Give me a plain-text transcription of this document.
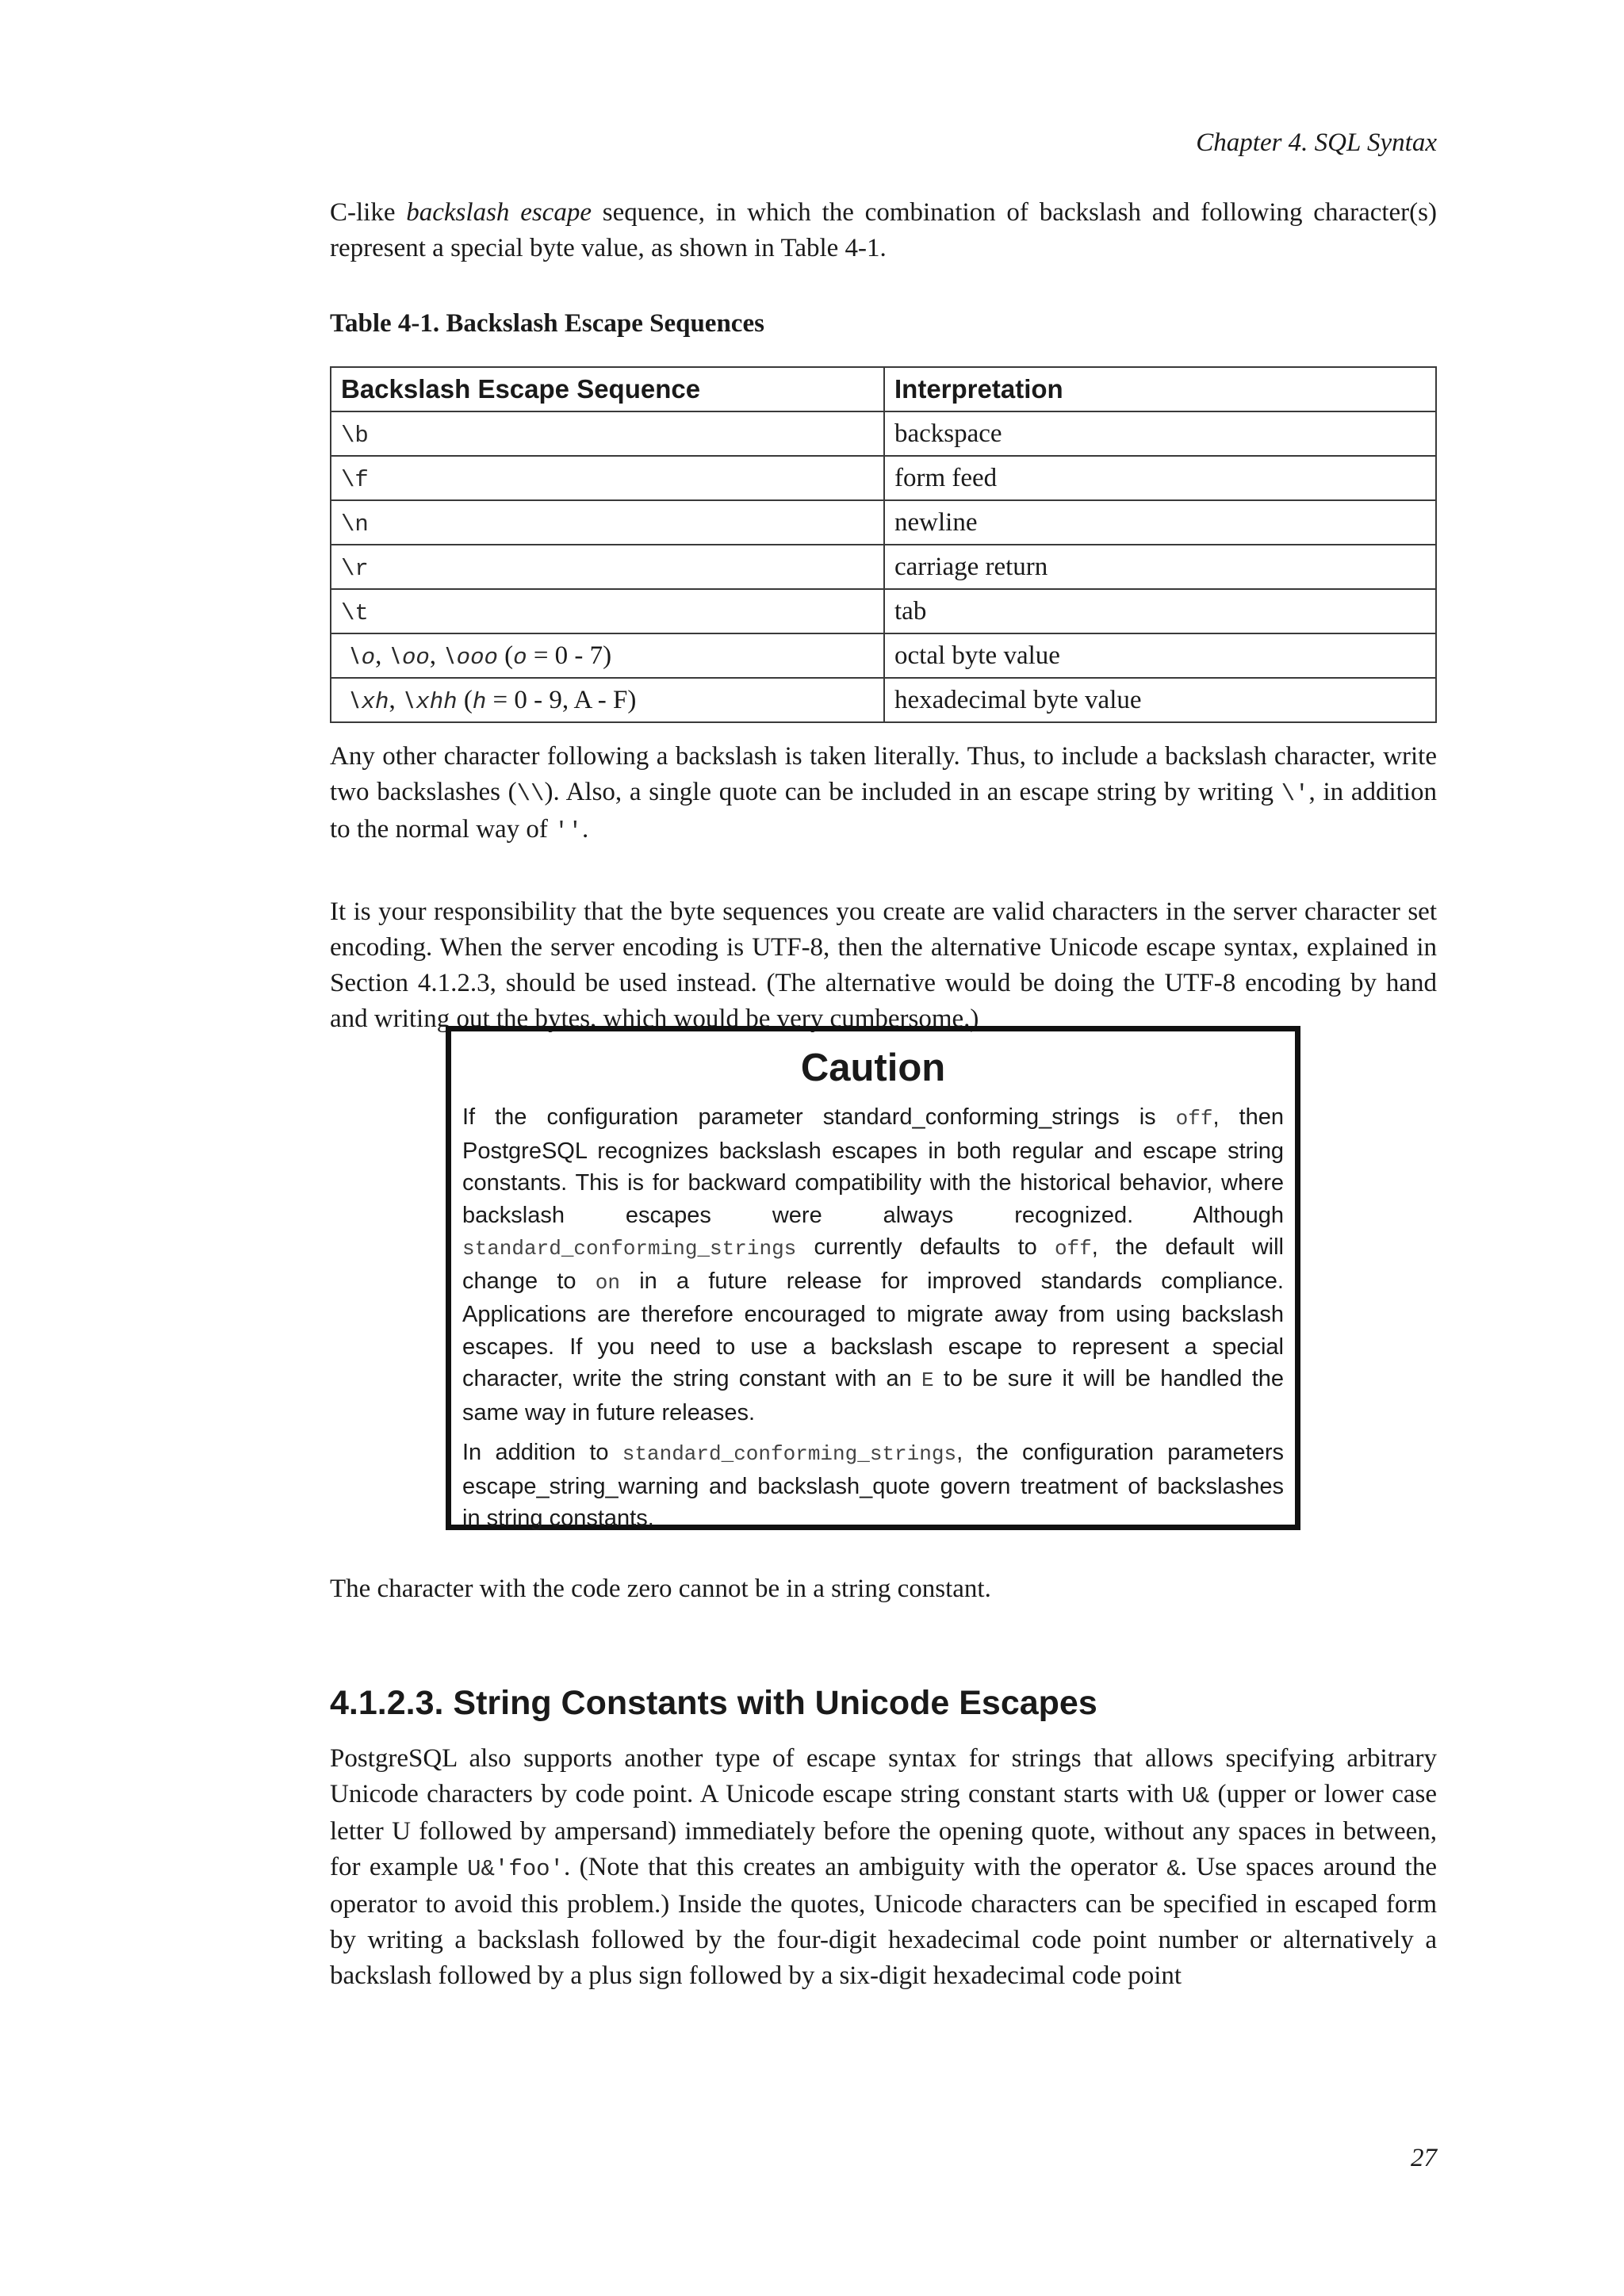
Chapter 4. SQL Syntax

C-like backslash escape sequence, in which the combination of backslash and following character(s) represent a special byte value, as shown in Table 4-1.

Table 4-1. Backslash Escape Sequences
Backslash Escape Sequence	Interpretation
\b	backspace
\f	form feed
\n	newline
\r	carriage return
\t	tab
\o, \oo, \ooo (o = 0 - 7)	octal byte value
\xh, \xhh (h = 0 - 9, A - F)	hexadecimal byte value

Any other character following a backslash is taken literally. Thus, to include a backslash character, write two backslashes (\\). Also, a single quote can be included in an escape string by writing \', in addition to the normal way of ''.

It is your responsibility that the byte sequences you create are valid characters in the server character set encoding. When the server encoding is UTF-8, then the alternative Unicode escape syntax, explained in Section 4.1.2.3, should be used instead. (The alternative would be doing the UTF-8 encoding by hand and writing out the bytes, which would be very cumbersome.)

Caution

If the configuration parameter standard_conforming_strings is off, then PostgreSQL recognizes backslash escapes in both regular and escape string constants. This is for backward compatibility with the historical behavior, where backslash escapes were always recognized. Although standard_conforming_strings currently defaults to off, the default will change to on in a future release for improved standards compliance. Applications are therefore encouraged to migrate away from using backslash escapes. If you need to use a backslash escape to represent a special character, write the string constant with an E to be sure it will be handled the same way in future releases.

In addition to standard_conforming_strings, the configuration parameters escape_string_warning and backslash_quote govern treatment of backslashes in string constants.

The character with the code zero cannot be in a string constant.

4.1.2.3. String Constants with Unicode Escapes

PostgreSQL also supports another type of escape syntax for strings that allows specifying arbitrary Unicode characters by code point. A Unicode escape string constant starts with U& (upper or lower case letter U followed by ampersand) immediately before the opening quote, without any spaces in between, for example U&'foo'. (Note that this creates an ambiguity with the operator &. Use spaces around the operator to avoid this problem.) Inside the quotes, Unicode characters can be specified in escaped form by writing a backslash followed by the four-digit hexadecimal code point number or alternatively a backslash followed by a plus sign followed by a six-digit hexadecimal code point

27
